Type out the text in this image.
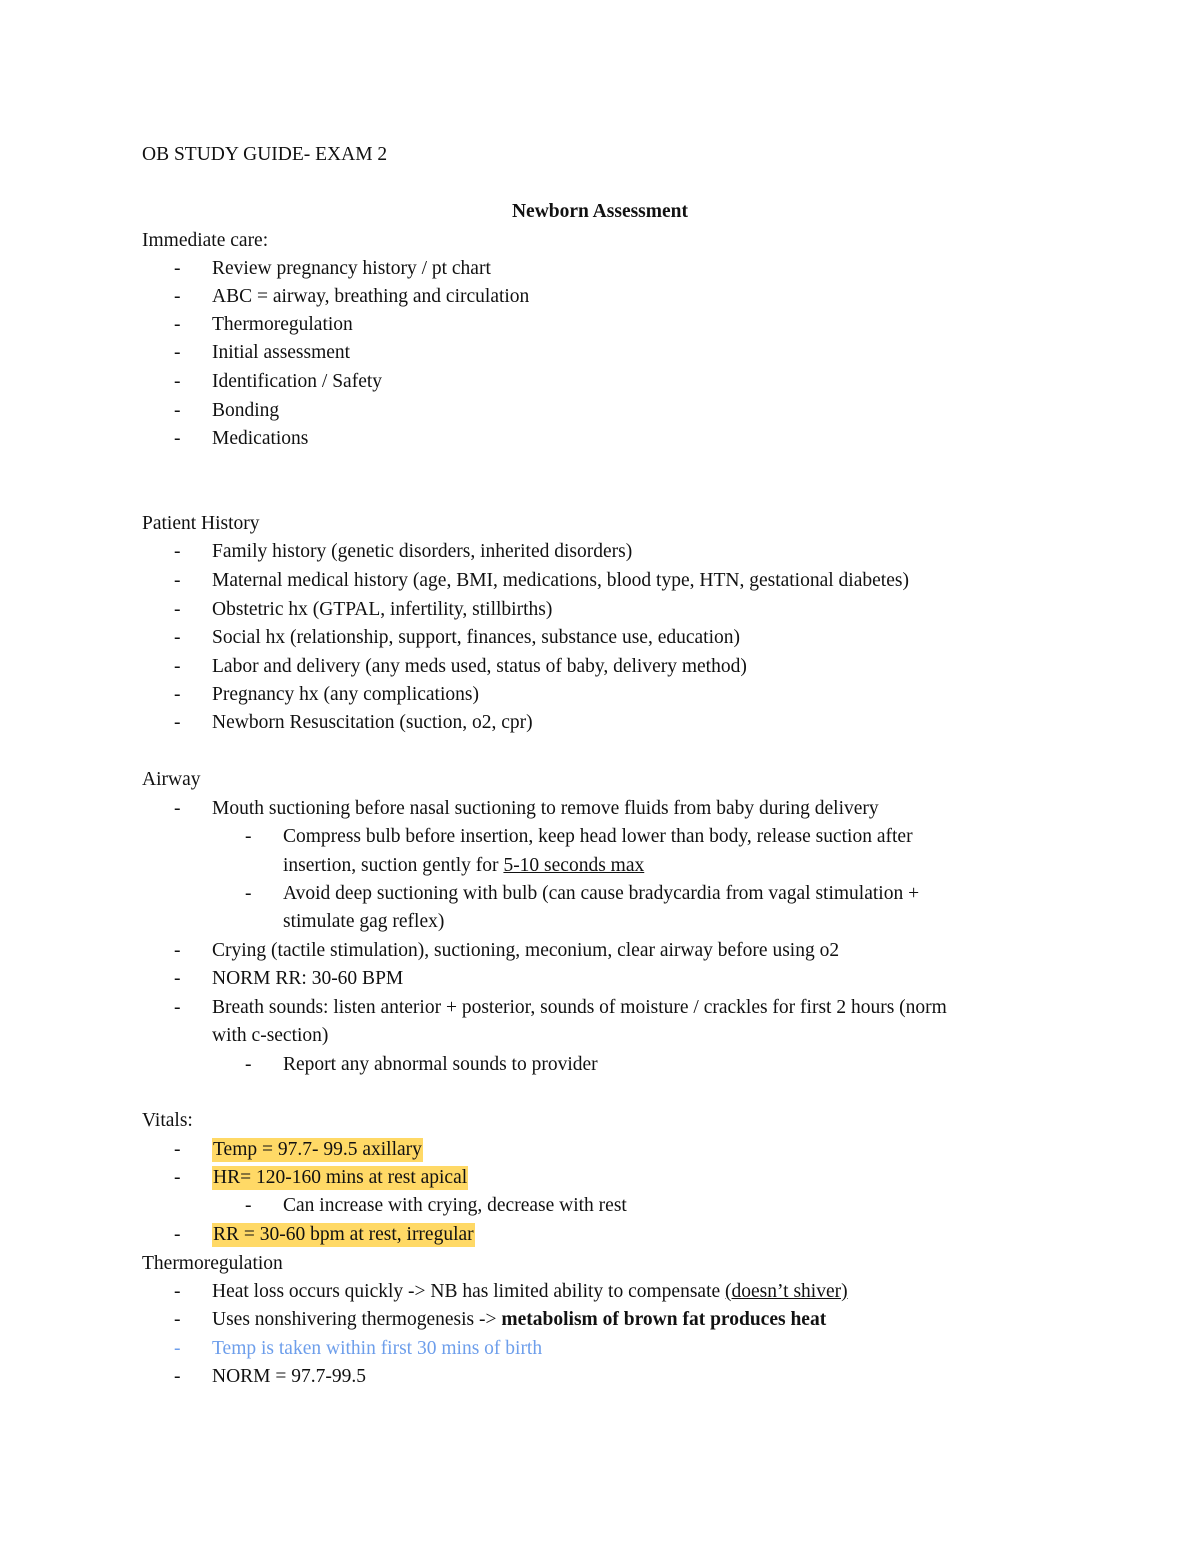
OB STUDY GUIDE- EXAM 2
Newborn Assessment
Immediate care:
- Review pregnancy history / pt chart
- ABC = airway, breathing and circulation
- Thermoregulation
- Initial assessment
- Identification / Safety
- Bonding
- Medications
Patient History
- Family history (genetic disorders, inherited disorders)
- Maternal medical history (age, BMI, medications, blood type, HTN, gestational diabetes)
- Obstetric hx (GTPAL, infertility, stillbirths)
- Social hx (relationship, support, finances, substance use, education)
- Labor and delivery (any meds used, status of baby, delivery method)
- Pregnancy hx (any complications)
- Newborn Resuscitation (suction, o2, cpr)
Airway
- Mouth suctioning before nasal suctioning to remove fluids from baby during delivery
- Compress bulb before insertion, keep head lower than body, release suction after
insertion, suction gently for 5-10 seconds max
- Avoid deep suctioning with bulb (can cause bradycardia from vagal stimulation +
stimulate gag reflex)
- Crying (tactile stimulation), suctioning, meconium, clear airway before using o2
- NORM RR: 30-60 BPM
- Breath sounds: listen anterior + posterior, sounds of moisture / crackles for first 2 hours (norm
with c-section)
- Report any abnormal sounds to provider
Vitals:
- Temp = 97.7- 99.5 axillary
- HR= 120-160 mins at rest apical
- Can increase with crying, decrease with rest
- RR = 30-60 bpm at rest, irregular
Thermoregulation
- Heat loss occurs quickly -> NB has limited ability to compensate (doesn’t shiver)
- Uses nonshivering thermogenesis -> metabolism of brown fat produces heat
- Temp is taken within first 30 mins of birth
- NORM = 97.7-99.5
